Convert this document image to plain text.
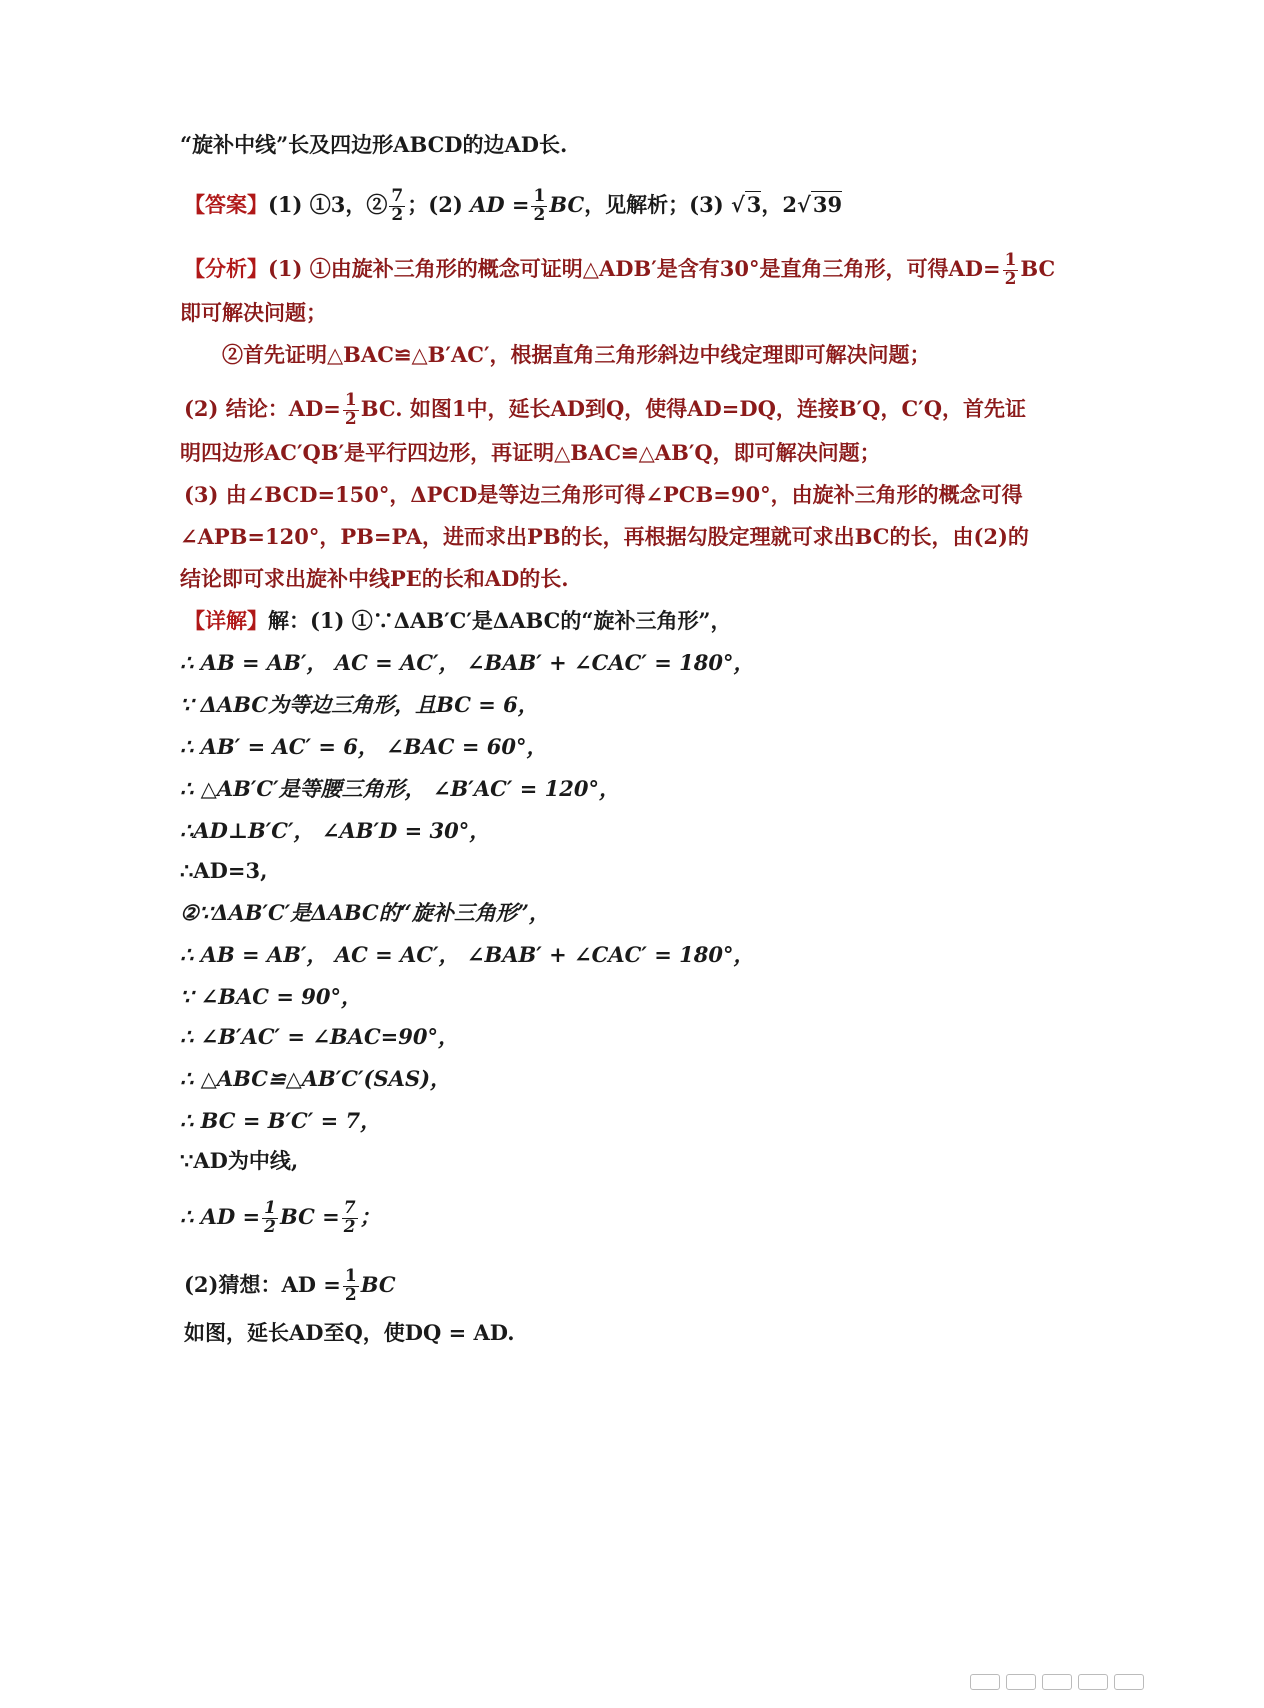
“旋补中线”长及四边形ABCD的边AD长.
【答案】(1) ①3，② $\frac{7}{2}$ ；(2) AD = $\frac{1}{2}$ BC，见解析；(3) √3，2√39
【分析】(1) ①由旋补三角形的概念可证明△ADB′是含有30°是直角三角形，可得$AD= \frac{1}{2}$ BC
即可解决问题；
②首先证明△BAC≌△B′AC′，根据直角三角形斜边中线定理即可解决问题；
(2) 结论：$AD= \frac{1}{2}$ BC. 如图1中，延长AD到Q，使得AD=DQ，连接B′Q，C′Q，首先证
明四边形AC′QB′是平行四边形，再证明△BAC≌△AB′Q，即可解决问题；
(3) 由∠BCD=150°，ΔPCD是等边三角形可得∠PCB=90°，由旋补三角形的概念可得
∠APB=120°，PB=PA，进而求出PB的长，再根据勾股定理就可求出BC的长，由(2)的
结论即可求出旋补中线PE的长和AD的长.
【详解】解：(1) ①∵ΔAB′C′是ΔABC的“旋补三角形”，
∴ AB = AB′， AC = AC′， ∠BAB′ + ∠CAC′ = 180°，
∵ ΔABC为等边三角形，且BC = 6，
∴ AB′ = AC′ = 6， ∠BAC = 60°，
∴ △AB′C′是等腰三角形， ∠B′AC′ = 120°，
∴AD⊥B′C′， ∠AB′D = 30°，
∴AD=3,
②∵ΔAB′C′是ΔABC的“旋补三角形”，
∴ AB = AB′， AC = AC′， ∠BAB′ + ∠CAC′ = 180°，
∵ ∠BAC = 90°，
∴ ∠B′AC′ = ∠BAC=90°，
∴ △ABC≌△AB′C′(SAS)，
∴ BC = B′C′ = 7，
∵AD为中线,
∴ AD = $\frac{1}{2}$ BC = $\frac{7}{2}$ ；
(2)猜想：AD = $\frac{1}{2}$ BC
如图，延长AD至Q，使DQ = AD.
